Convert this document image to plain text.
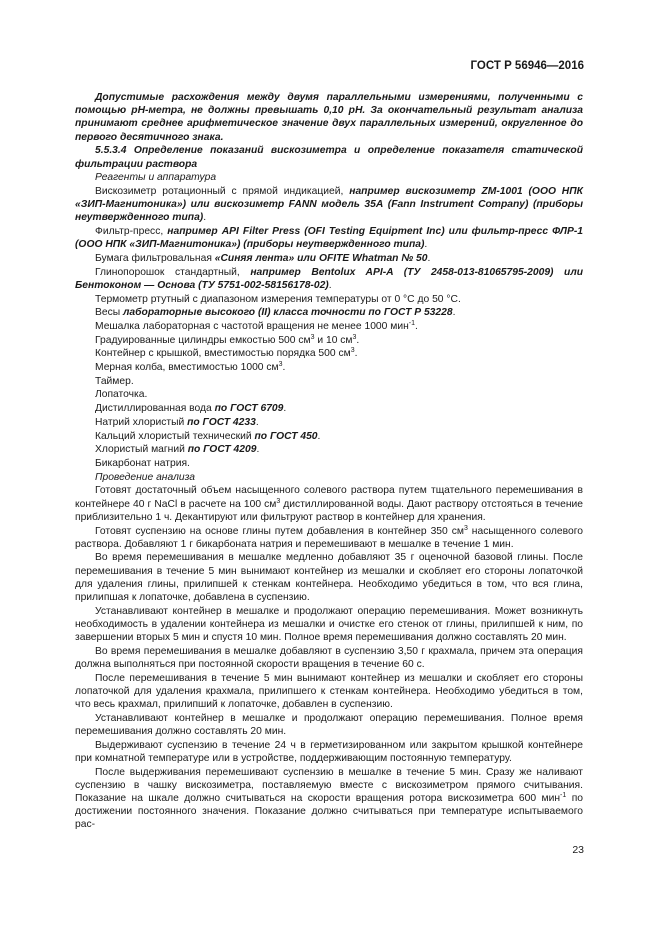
ГОСТ Р 56946—2016

Допустимые расхождения между двумя параллельными измерениями, полученными с помощью рН-метра, не должны превышать 0,10 рН. За окончательный результат анализа принимают среднее арифметическое значение двух параллельных измерений, округленное до первого десятичного знака.

5.5.3.4 Определение показаний вискозиметра и определение показателя статической фильтрации раствора

Реагенты и аппаратура

Вискозиметр ротационный с прямой индикацией, например вискозиметр ZM-1001 (ООО НПК «ЗИП-Магнитоника») или вискозиметр FANN модель 35А (Fann Instrument Company) (приборы неутвержденного типа).

Фильтр-пресс, например API Filter Press (OFI Testing Equipment Inc) или фильтр-пресс ФЛР-1 (ООО НПК «ЗИП-Магнитоника») (приборы неутвержденного типа).

Бумага фильтровальная «Синяя лента» или OFITE Whatman № 50.

Глинопорошок стандартный, например Bentolux API-A (ТУ 2458-013-81065795-2009) или Бентоконом — Основа (ТУ 5751-002-58156178-02).

Термометр ртутный с диапазоном измерения температуры от 0 °С до 50 °С.

Весы лабораторные высокого (II) класса точности по ГОСТ Р 53228.

Мешалка лабораторная с частотой вращения не менее 1000 мин$^{-1}$.

Градуированные цилиндры емкостью 500 $см^3$ и 10 $см^3$.

Контейнер с крышкой, вместимостью порядка 500 $см^3$.

Мерная колба, вместимостью 1000 $см^3$.

Таймер.

Лопаточка.

Дистиллированная вода по ГОСТ 6709.

Натрий хлористый по ГОСТ 4233.

Кальций хлористый технический по ГОСТ 450.

Хлористый магний по ГОСТ 4209.

Бикарбонат натрия.

Проведение анализа

Готовят достаточный объем насыщенного солевого раствора путем тщательного перемешивания в контейнере 40 г NaCl в расчете на 100 $см^3$ дистиллированной воды. Дают раствору отстояться в течение приблизительно 1 ч. Декантируют или фильтруют раствор в контейнер для хранения.

Готовят суспензию на основе глины путем добавления в контейнер 350 $см^3$ насыщенного солевого раствора. Добавляют 1 г бикарбоната натрия и перемешивают в мешалке в течение 1 мин.

Во время перемешивания в мешалке медленно добавляют 35 г оценочной базовой глины. После перемешивания в течение 5 мин вынимают контейнер из мешалки и скобляет его стороны лопаточкой для удаления глины, прилипшей к стенкам контейнера. Необходимо убедиться в том, что вся глина, прилипшая к лопаточке, добавлена в суспензию.

Устанавливают контейнер в мешалке и продолжают операцию перемешивания. Может возникнуть необходимость в удалении контейнера из мешалки и очистке его стенок от глины, прилипшей к ним, по завершении вторых 5 мин и спустя 10 мин. Полное время перемешивания должно составлять 20 мин.

Во время перемешивания в мешалке добавляют в суспензию 3,50 г крахмала, причем эта операция должна выполняться при постоянной скорости вращения в течение 60 с.

После перемешивания в течение 5 мин вынимают контейнер из мешалки и скобляет его стороны лопаточкой для удаления крахмала, прилипшего к стенкам контейнера. Необходимо убедиться в том, что весь крахмал, прилипший к лопаточке, добавлен в суспензию.

Устанавливают контейнер в мешалке и продолжают операцию перемешивания. Полное время перемешивания должно составлять 20 мин.

Выдерживают суспензию в течение 24 ч в герметизированном или закрытом крышкой контейнере при комнатной температуре или в устройстве, поддерживающим постоянную температуру.

После выдерживания перемешивают суспензию в мешалке в течение 5 мин. Сразу же наливают суспензию в чашку вискозиметра, поставляемую вместе с вискозиметром прямого считывания. Показание на шкале должно считываться на скорости вращения ротора вискозиметра 600 мин$^{-1}$ по достижении постоянного значения. Показание должно считываться при температуре испытываемого рас-

23
